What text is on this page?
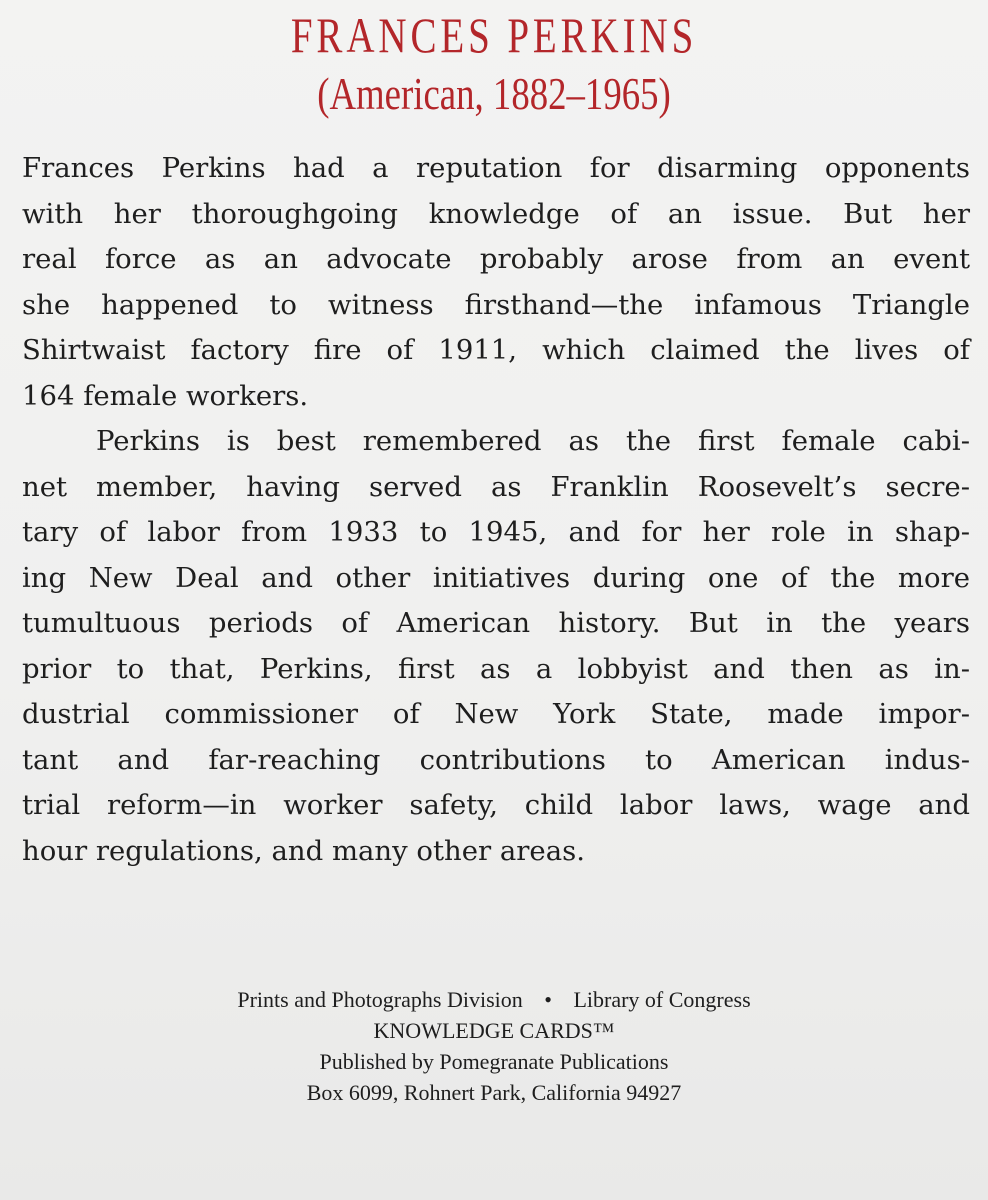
FRANCES PERKINS
(American, 1882–1965)
Frances Perkins had a reputation for disarming opponents
with her thoroughgoing knowledge of an issue. But her
real force as an advocate probably arose from an event
she happened to witness firsthand—the infamous Triangle
Shirtwaist factory fire of 1911, which claimed the lives of
164 female workers.
Perkins is best remembered as the first female cabi-
net member, having served as Franklin Roosevelt’s secre-
tary of labor from 1933 to 1945, and for her role in shap-
ing New Deal and other initiatives during one of the more
tumultuous periods of American history. But in the years
prior to that, Perkins, first as a lobbyist and then as in-
dustrial commissioner of New York State, made impor-
tant and far-reaching contributions to American indus-
trial reform—in worker safety, child labor laws, wage and
hour regulations, and many other areas.
Prints and Photographs Division • Library of Congress
KNOWLEDGE CARDS™
Published by Pomegranate Publications
Box 6099, Rohnert Park, California 94927
